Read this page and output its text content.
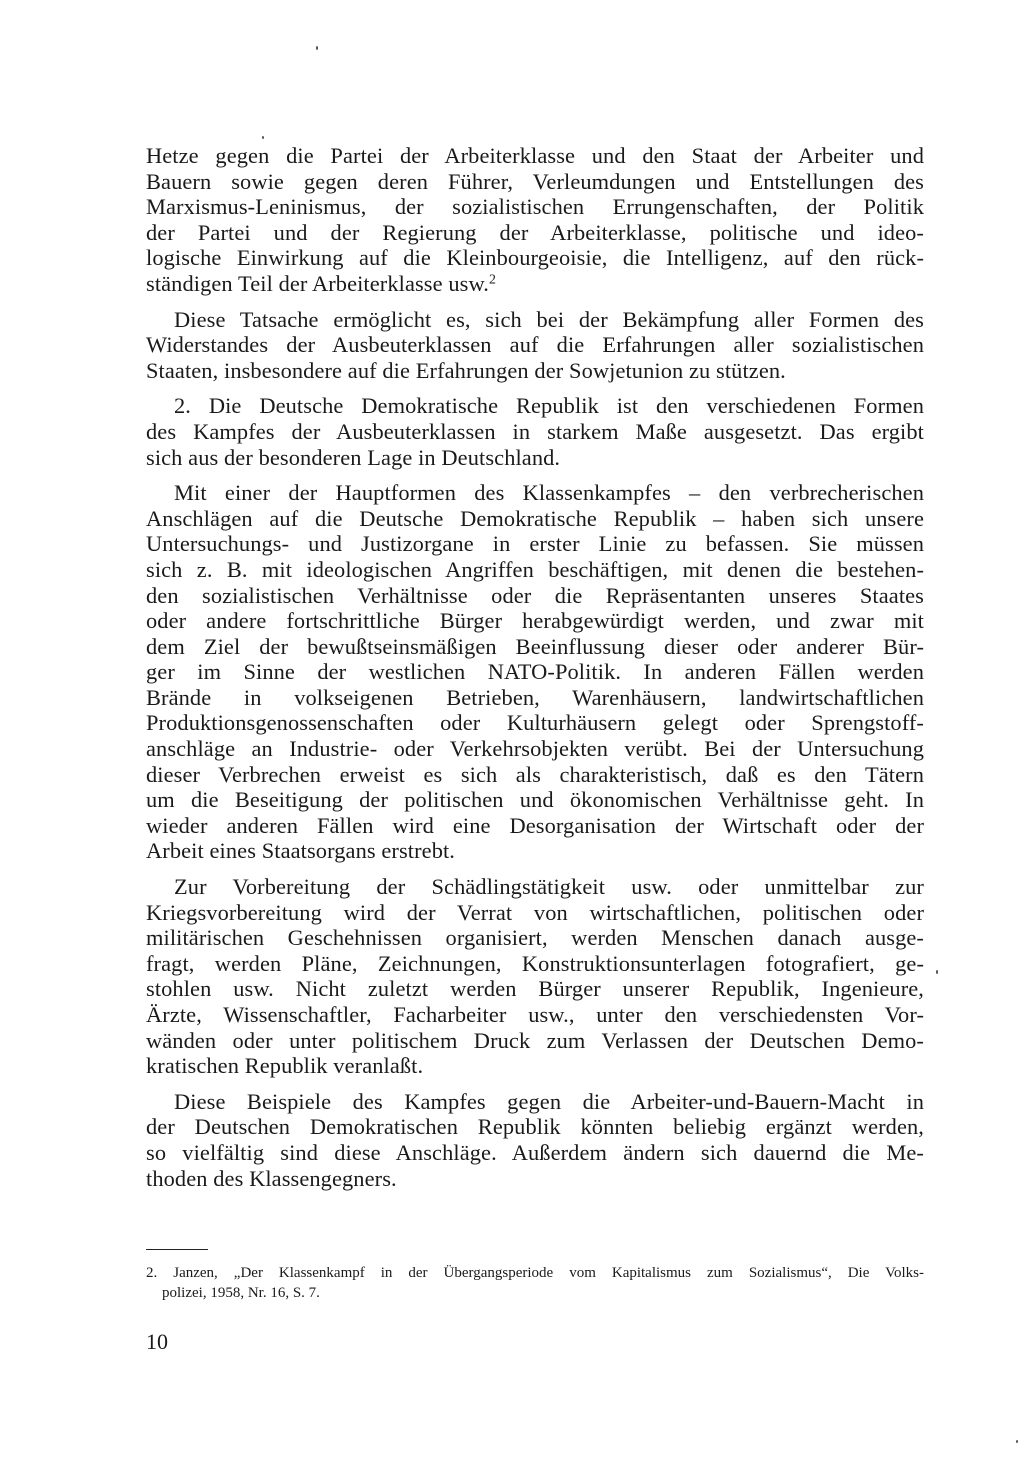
Hetze gegen die Partei der Arbeiterklasse und den Staat der Arbeiter und
Bauern sowie gegen deren Führer, Verleumdungen und Entstellungen des
Marxismus-Leninismus, der sozialistischen Errungenschaften, der Politik
der Partei und der Regierung der Arbeiterklasse, politische und ideo-
logische Einwirkung auf die Kleinbourgeoisie, die Intelligenz, auf den rück-
ständigen Teil der Arbeiterklasse usw.$^2$

Diese Tatsache ermöglicht es, sich bei der Bekämpfung aller Formen des
Widerstandes der Ausbeuterklassen auf die Erfahrungen aller sozialistischen
Staaten, insbesondere auf die Erfahrungen der Sowjetunion zu stützen.

2. Die Deutsche Demokratische Republik ist den verschiedenen Formen
des Kampfes der Ausbeuterklassen in starkem Maße ausgesetzt. Das ergibt
sich aus der besonderen Lage in Deutschland.

Mit einer der Hauptformen des Klassenkampfes – den verbrecherischen
Anschlägen auf die Deutsche Demokratische Republik – haben sich unsere
Untersuchungs- und Justizorgane in erster Linie zu befassen. Sie müssen
sich z. B. mit ideologischen Angriffen beschäftigen, mit denen die bestehen-
den sozialistischen Verhältnisse oder die Repräsentanten unseres Staates
oder andere fortschrittliche Bürger herabgewürdigt werden, und zwar mit
dem Ziel der bewußtseinsmäßigen Beeinflussung dieser oder anderer Bür-
ger im Sinne der westlichen NATO-Politik. In anderen Fällen werden
Brände in volkseigenen Betrieben, Warenhäusern, landwirtschaftlichen
Produktionsgenossenschaften oder Kulturhäusern gelegt oder Sprengstoff-
anschläge an Industrie- oder Verkehrsobjekten verübt. Bei der Untersuchung
dieser Verbrechen erweist es sich als charakteristisch, daß es den Tätern
um die Beseitigung der politischen und ökonomischen Verhältnisse geht. In
wieder anderen Fällen wird eine Desorganisation der Wirtschaft oder der
Arbeit eines Staatsorgans erstrebt.

Zur Vorbereitung der Schädlingstätigkeit usw. oder unmittelbar zur
Kriegsvorbereitung wird der Verrat von wirtschaftlichen, politischen oder
militärischen Geschehnissen organisiert, werden Menschen danach ausge-
fragt, werden Pläne, Zeichnungen, Konstruktionsunterlagen fotografiert, ge-
stohlen usw. Nicht zuletzt werden Bürger unserer Republik, Ingenieure,
Ärzte, Wissenschaftler, Facharbeiter usw., unter den verschiedensten Vor-
wänden oder unter politischem Druck zum Verlassen der Deutschen Demo-
kratischen Republik veranlaßt.

Diese Beispiele des Kampfes gegen die Arbeiter-und-Bauern-Macht in
der Deutschen Demokratischen Republik könnten beliebig ergänzt werden,
so vielfältig sind diese Anschläge. Außerdem ändern sich dauernd die Me-
thoden des Klassengegners.

2. Janzen, „Der Klassenkampf in der Übergangsperiode vom Kapitalismus zum Sozialismus“, Die Volks-
polizei, 1958, Nr. 16, S. 7.
10
